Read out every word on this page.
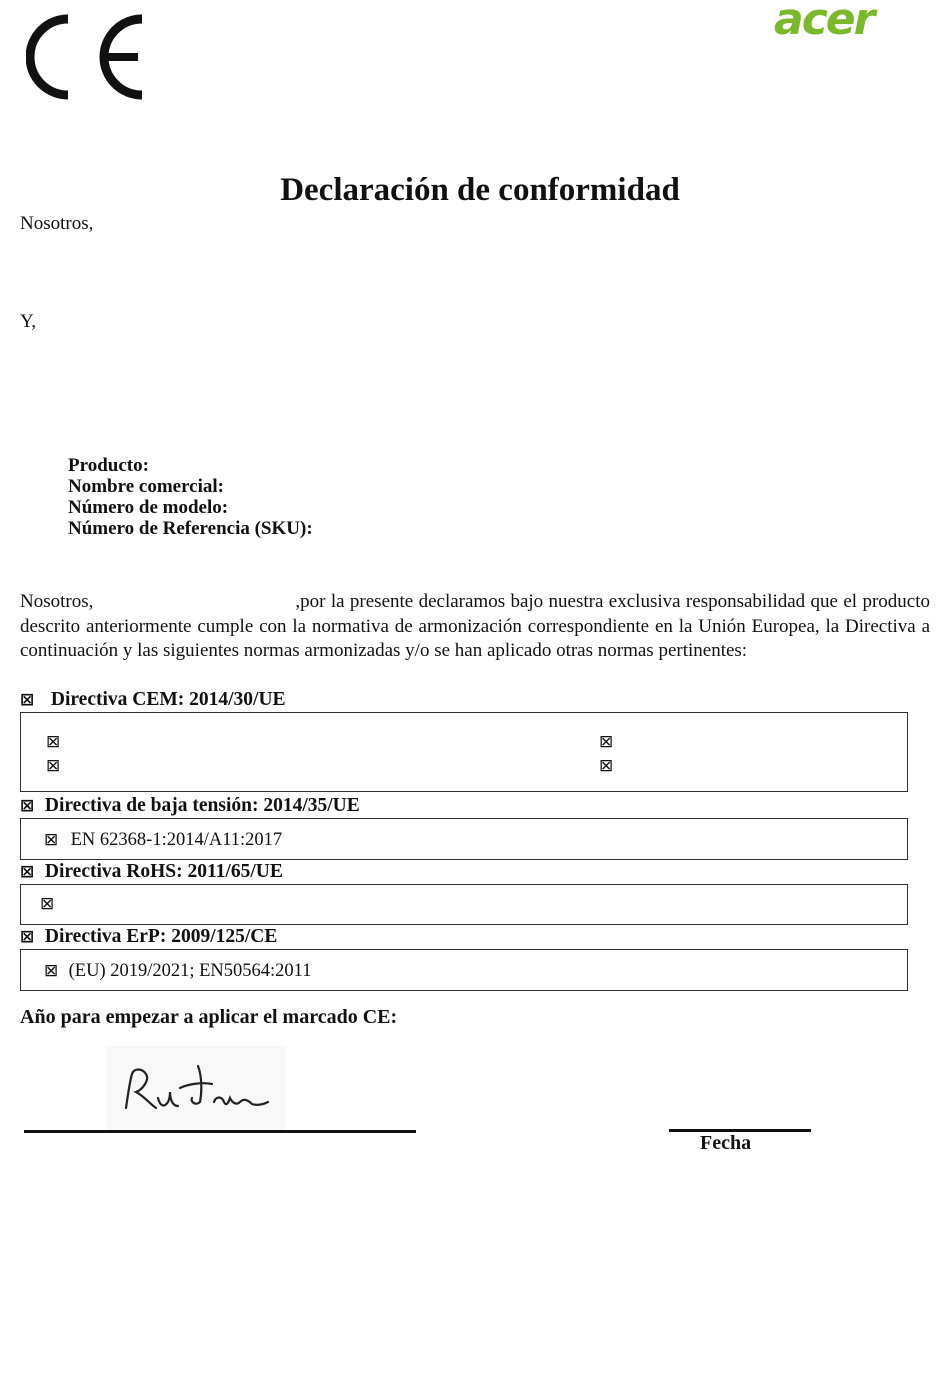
acer
Declaración de conformidad
Nosotros,
Y,
Producto:
Nombre comercial:
Número de modelo:
Número de Referencia (SKU):
Nosotros,	,por la presente declaramos bajo nuestra exclusiva responsabilidad que el producto descrito anteriormente cumple con la normativa de armonización correspondiente en la Unión Europea, la Directiva a continuación y las siguientes normas armonizadas y/o se han aplicado otras normas pertinentes:
⊠ Directiva CEM: 2014/30/UE
⊠
⊠
⊠
⊠
⊠ Directiva de baja tensión: 2014/35/UE
⊠ EN 62368-1:2014/A11:2017
⊠ Directiva RoHS: 2011/65/UE
⊠
⊠ Directiva ErP: 2009/125/CE
⊠ (EU) 2019/2021; EN50564:2011
Año para empezar a aplicar el marcado CE:
Fecha
